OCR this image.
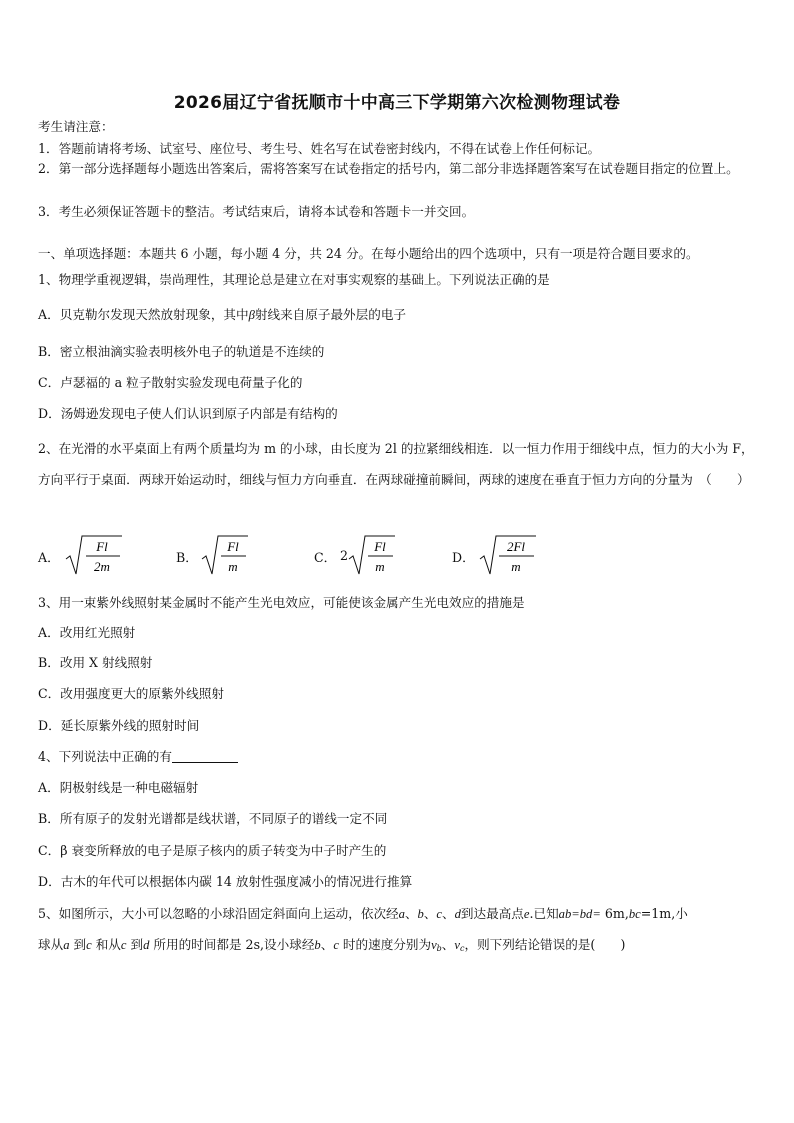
2026届辽宁省抚顺市十中高三下学期第六次检测物理试卷
考生请注意：
1．答题前请将考场、试室号、座位号、考生号、姓名写在试卷密封线内，不得在试卷上作任何标记。
2．第一部分选择题每小题选出答案后，需将答案写在试卷指定的括号内，第二部分非选择题答案写在试卷题目指定的位置上。
3．考生必须保证答题卡的整洁。考试结束后，请将本试卷和答题卡一并交回。
一、单项选择题：本题共 6 小题，每小题 4 分，共 24 分。在每小题给出的四个选项中，只有一项是符合题目要求的。
1、物理学重视逻辑，崇尚理性，其理论总是建立在对事实观察的基础上。下列说法正确的是
A．贝克勒尔发现天然放射现象，其中β射线来自原子最外层的电子
B．密立根油滴实验表明核外电子的轨道是不连续的
C．卢瑟福的 a 粒子散射实验发现电荷量子化的
D．汤姆逊发现电子使人们认识到原子内部是有结构的
2、在光滑的水平桌面上有两个质量均为 m 的小球，由长度为 2l 的拉紧细线相连．以一恒力作用于细线中点，恒力的大小为 F，方向平行于桌面．两球开始运动时，细线与恒力方向垂直．在两球碰撞前瞬间，两球的速度在垂直于恒力方向的分量为　（　　）
A．
Fl
2m
B．
Fl
m
C． 2
Fl
m
D．
2Fl
m
3、用一束紫外线照射某金属时不能产生光电效应，可能使该金属产生光电效应的措施是
A．改用红光照射
B．改用 X 射线照射
C．改用强度更大的原紫外线照射
D．延长原紫外线的照射时间
4、下列说法中正确的有
A．阴极射线是一种电磁辐射
B．所有原子的发射光谱都是线状谱，不同原子的谱线一定不同
C．β 衰变所释放的电子是原子核内的质子转变为中子时产生的
D．古木的年代可以根据体内碳 14 放射性强度减小的情况进行推算
5、如图所示，大小可以忽略的小球沿固定斜面向上运动，依次经a、b、c、d到达最高点e.已知ab=bd= 6m,bc=1m,小
球从a 到c 和从c 到d 所用的时间都是 2s,设小球经b、c 时的速度分别为$v_b$、$v_c$，则下列结论错误的是(　　)
